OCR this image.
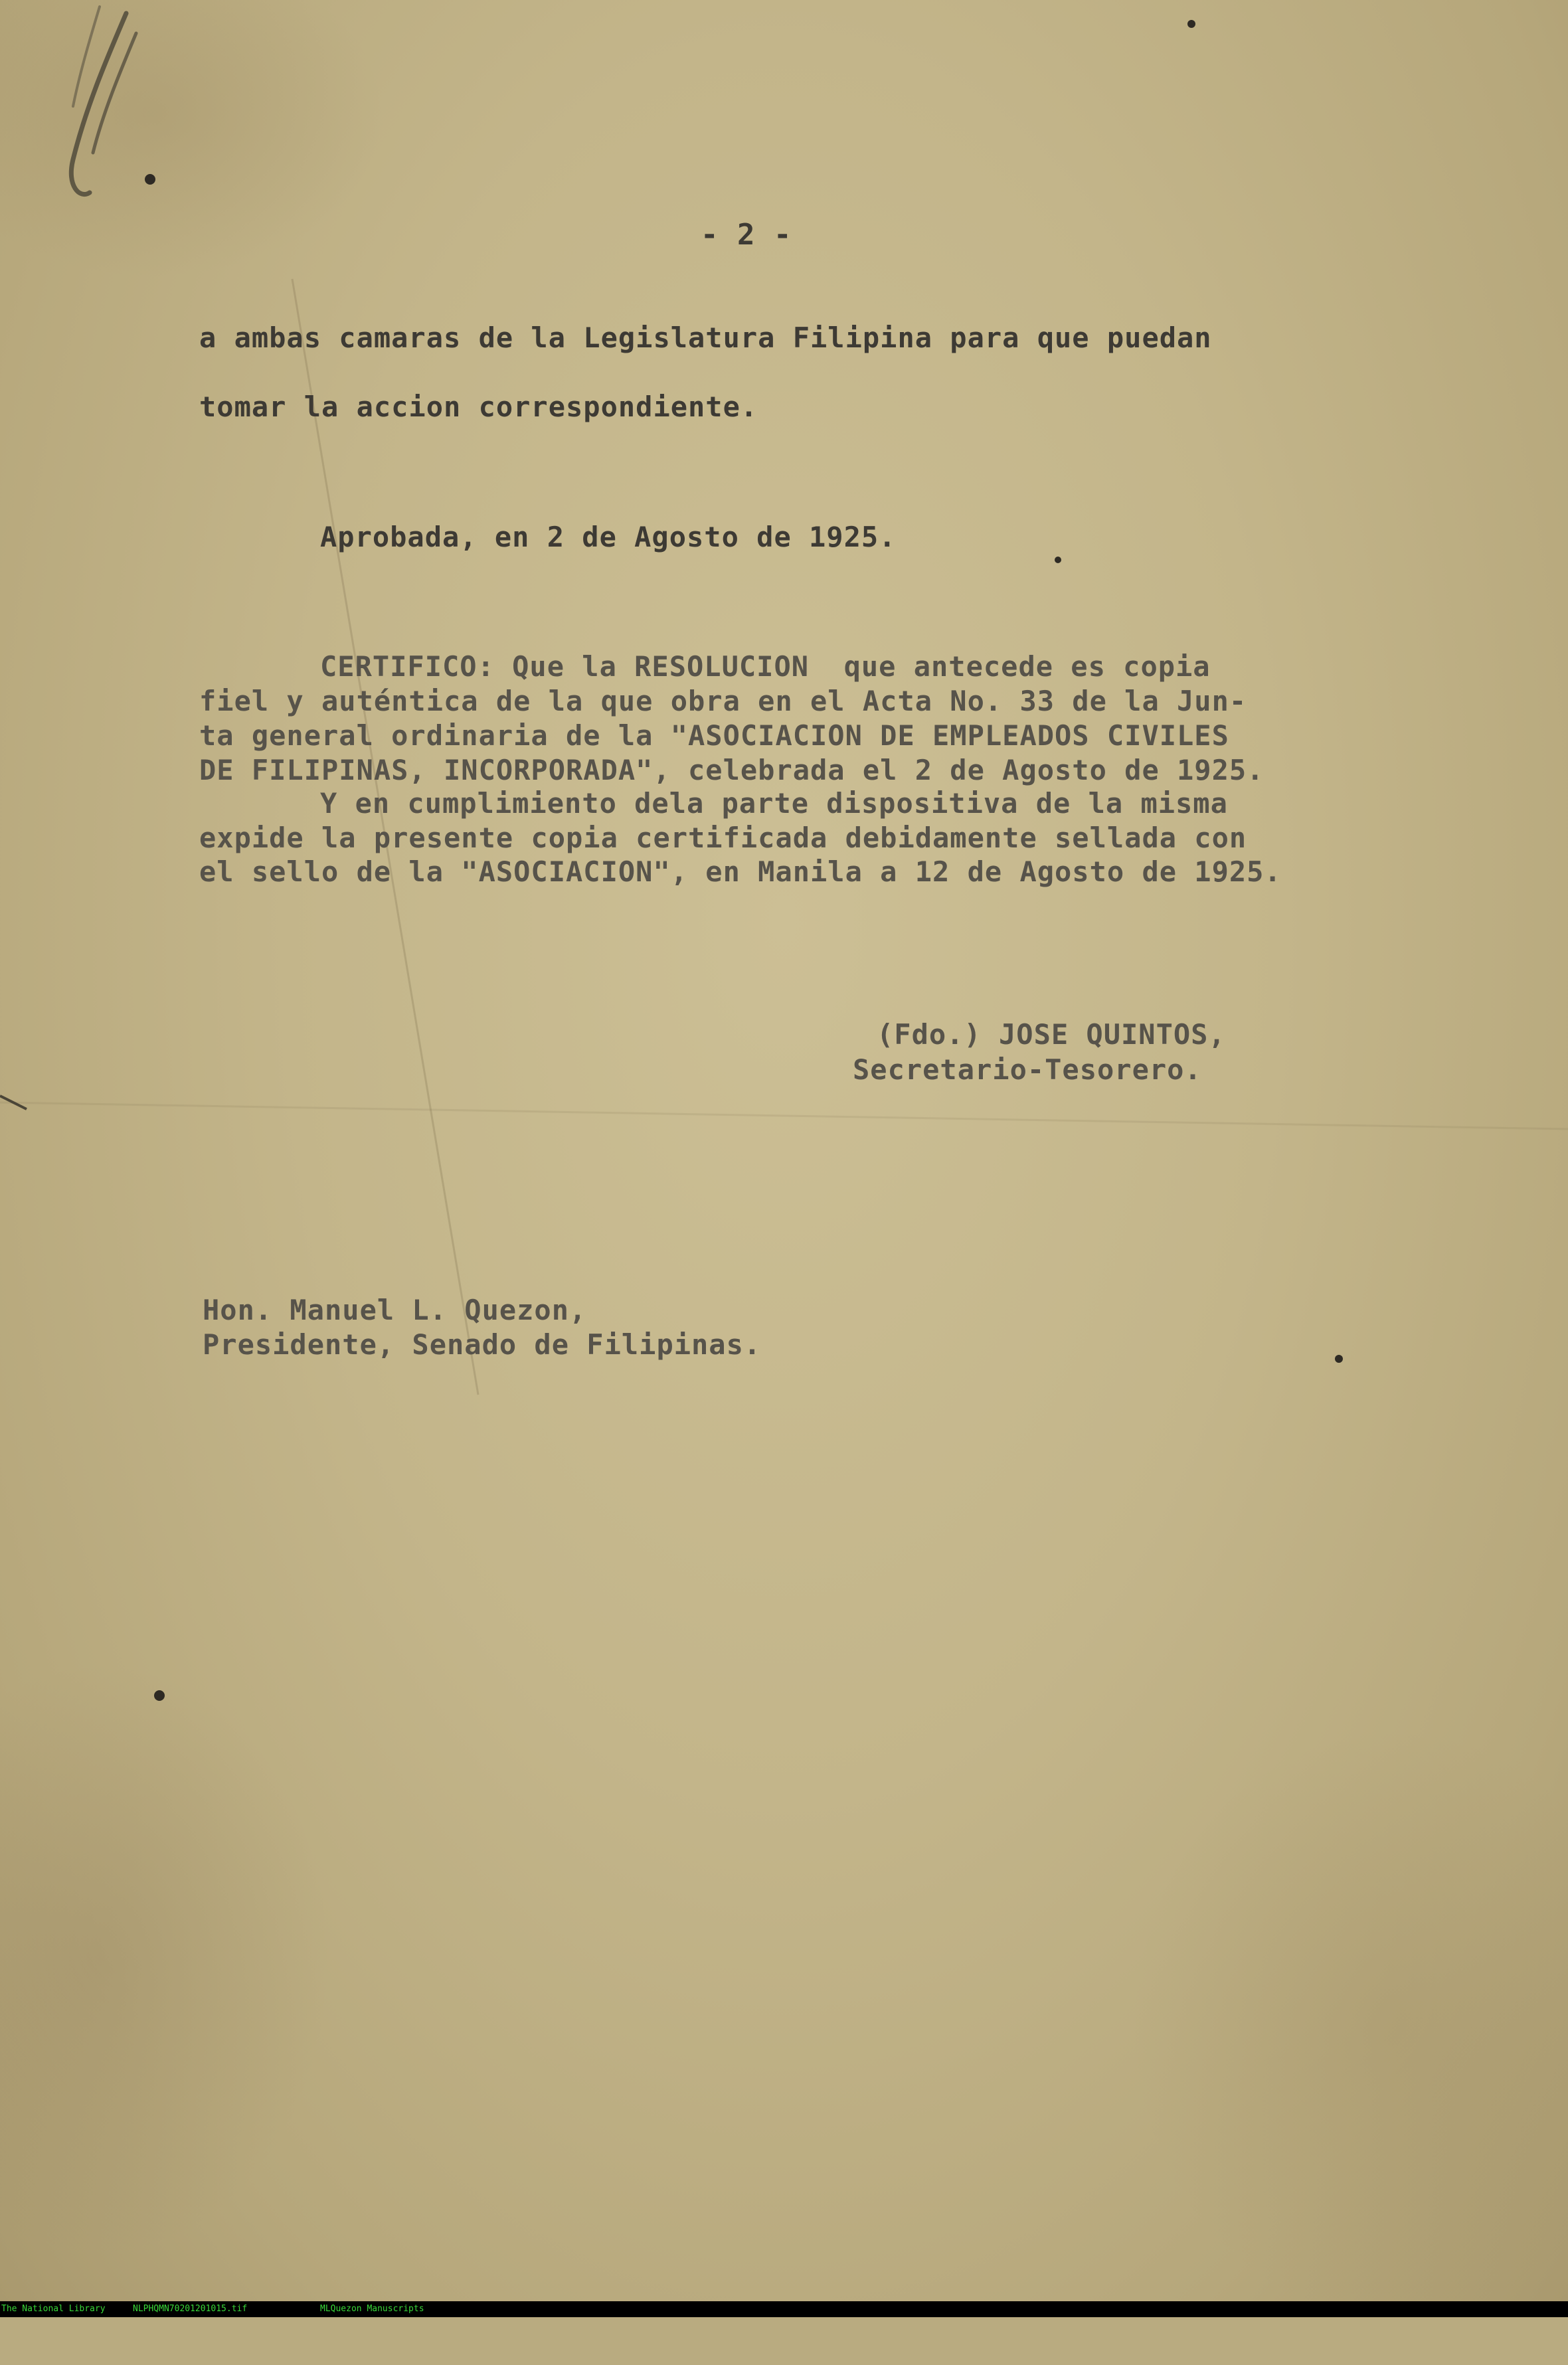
- 2 -
a ambas camaras de la Legislatura Filipina para que puedan
tomar la accion correspondiente.
Aprobada, en 2 de Agosto de 1925.
CERTIFICO: Que la RESOLUCION  que antecede es copia
fiel y auténtica de la que obra en el Acta No. 33 de la Jun-
ta general ordinaria de la "ASOCIACION DE EMPLEADOS CIVILES
DE FILIPINAS, INCORPORADA", celebrada el 2 de Agosto de 1925.
Y en cumplimiento dela parte dispositiva de la misma
expide la presente copia certificada debidamente sellada con
el sello de la "ASOCIACION", en Manila a 12 de Agosto de 1925.
(Fdo.) JOSE QUINTOS,
Secretario-Tesorero.
Hon. Manuel L. Quezon,
Presidente, Senado de Filipinas.

The National Library

	NLPHQMN70201201015.tif

	MLQuezon Manuscripts
